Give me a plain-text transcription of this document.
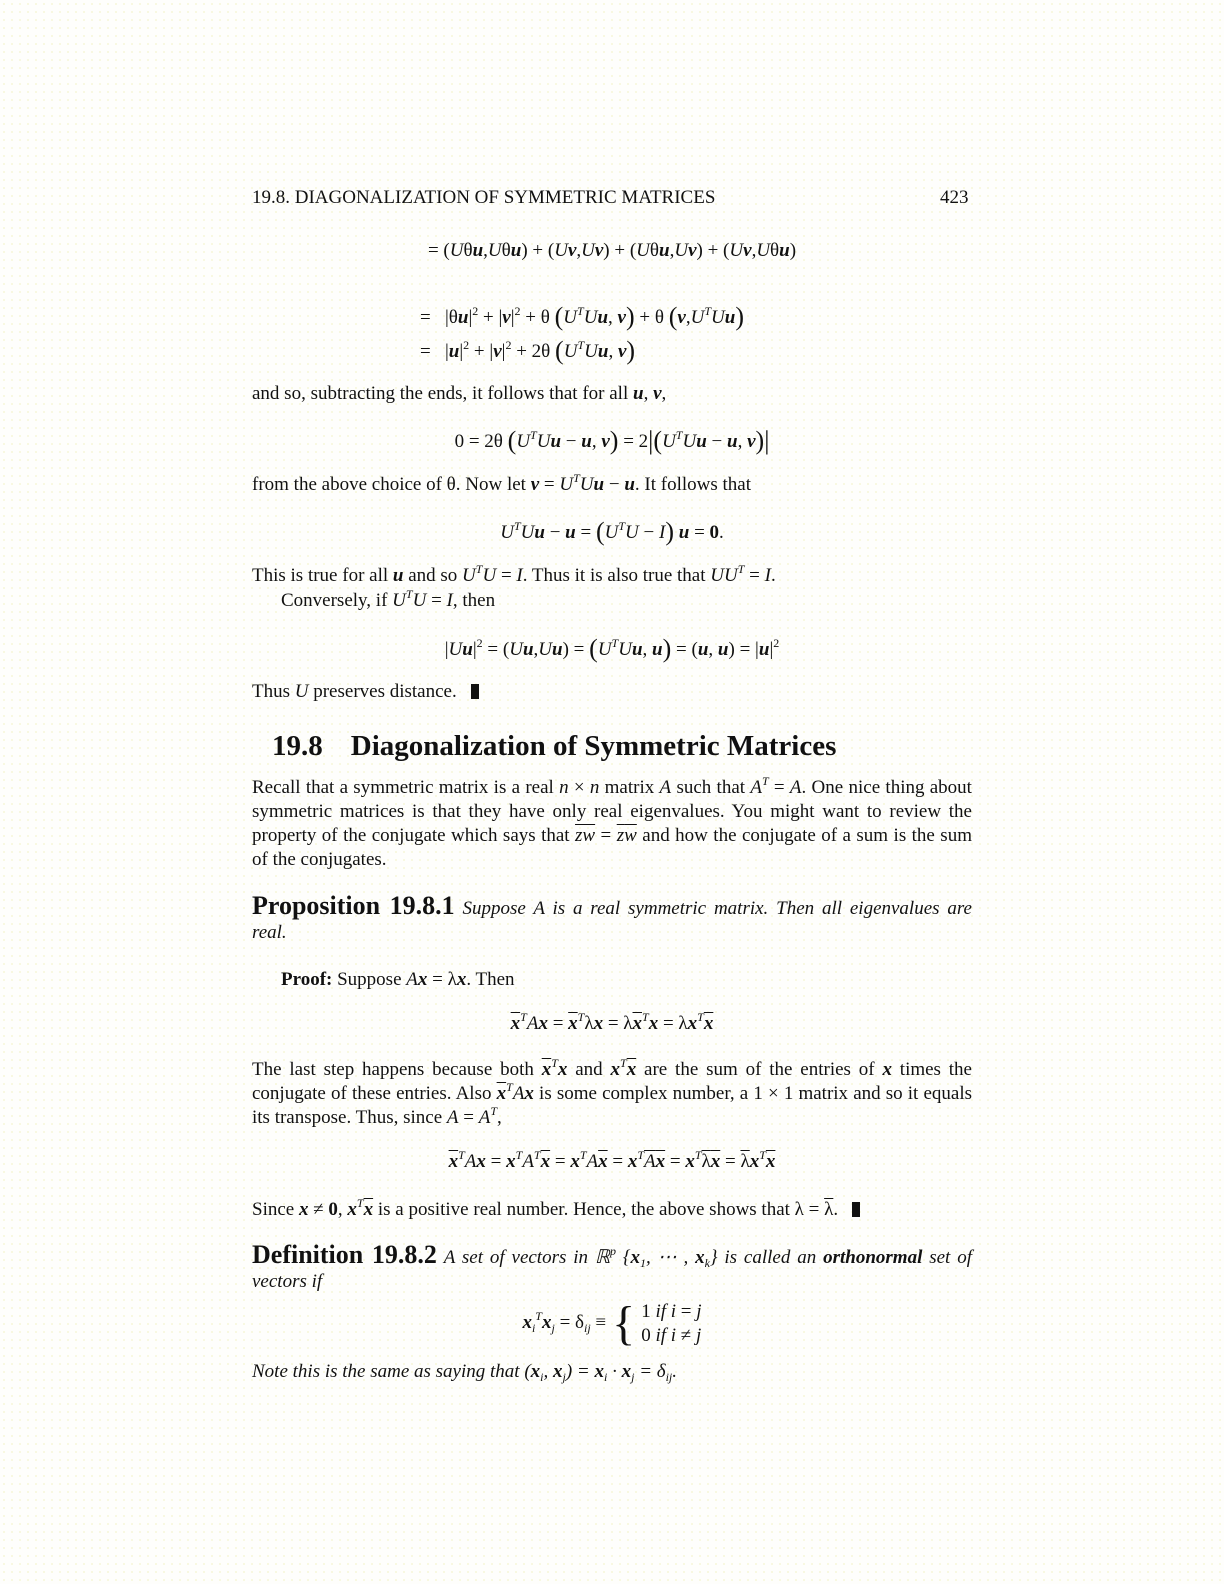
19.8. DIAGONALIZATION OF SYMMETRIC MATRICES	423
= (Uθu,Uθu) + (Uv,Uv) + (Uθu,Uv) + (Uv,Uθu)
=   $|\theta u|^2 + |v|^2 + \theta$ ($U^TUu$, v) + θ $(v,U^TUu)$
=   $|u|^2 + |v|^2 + 2\theta$ ($U^TUu$, v)
and so, subtracting the ends, it follows that for all u, v,
0 = 2θ ($U^TUu - u$, $v) = 2|(U^TUu - u$, v)|
from the above choice of θ. Now let $v = U^TUu - u$. It follows that
$U^TUu - u = (U^TU - I) u = 0$.
This is true for all u and so $U^TU = I$. Thus it is also true that $UU^T = I$.
Conversely, if $U^TU = I$, then
$|Uu|^2 = (Uu,Uu) = (U^TUu$, u) = (u, $u) = |u|^2$
Thus U preserves distance.
19.8 Diagonalization of Symmetric Matrices
Recall that a symmetric matrix is a real n × n matrix A such that $A^T = A$. One nice thing about symmetric matrices is that they have only real eigenvalues. You might want to review the property of the conjugate which says that $\overline{zw} = \overline{z}\overline{w}$ and how the conjugate of a sum is the sum of the conjugates.
Proposition 19.8.1 Suppose A is a real symmetric matrix. Then all eigenvalues are real.
Proof: Suppose Ax = λx. Then
$\overline{x}^TAx = \overline{x}^T\lambda x = \lambda\overline{x}^Tx = \lambda x^T\overline{x}$
The last step happens because both $\overline{x}^Tx$ and $x^T\overline{x}$ are the sum of the entries of x times the conjugate of these entries. Also $\overline{x}^TAx$ is some complex number, a 1 × 1 matrix and so it equals its transpose. Thus, since $A = A^T$,
$\overline{x}^TAx = x^TA^T\overline{x} = x^TA\overline{x} = x^TAx = x^T\lambda x = \overline{\lambda}x^T\overline{x}$
Since x ≠ 0, $x^T\overline{x}$ is a positive real number. Hence, the above shows that $\lambda = \overline{\lambda}$.
Definition 19.8.2 A set of vectors in ℝ$^p$ {$x_1$, ⋯ , $x_k$} is called an orthonormal set of vectors if
$x_i^Tx_j = \delta_{ij}$ ≡ { 1 if i = j
0 if i ≠ j
Note this is the same as saying that ($x_i$, $x_j) = x_i \cdot x_j = \delta_{ij}$.
